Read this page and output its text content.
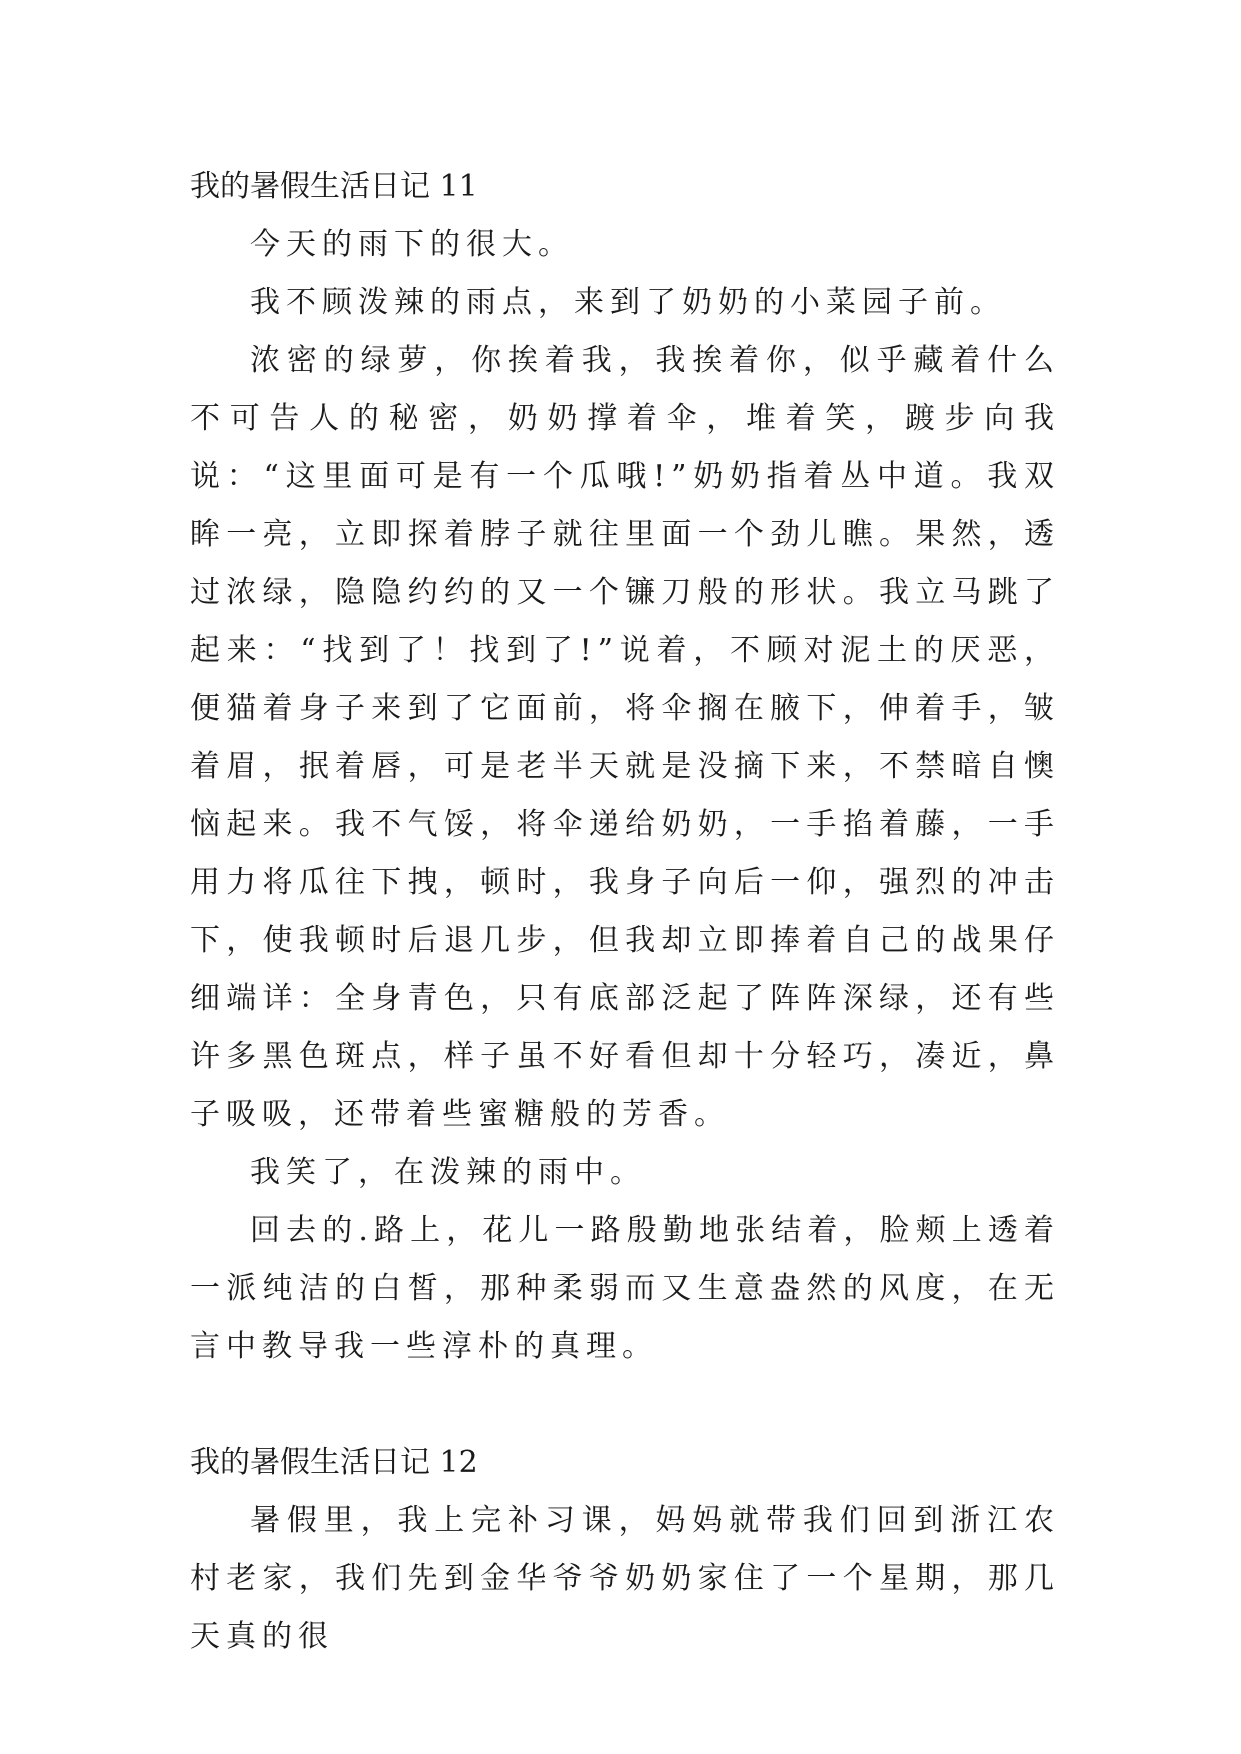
我的暑假生活日记 11

今天的雨下的很大。

我不顾泼辣的雨点，来到了奶奶的小菜园子前。

浓密的绿萝，你挨着我，我挨着你，似乎藏着什么不可告人的秘密，奶奶撑着伞，堆着笑，踱步向我说：“这里面可是有一个瓜哦!”奶奶指着丛中道。我双眸一亮，立即探着脖子就往里面一个劲儿瞧。果然，透过浓绿，隐隐约约的又一个镰刀般的形状。我立马跳了起来：“找到了！找到了!”说着，不顾对泥土的厌恶，便猫着身子来到了它面前，将伞搁在腋下，伸着手，皱着眉，抿着唇，可是老半天就是没摘下来，不禁暗自懊恼起来。我不气馁，将伞递给奶奶，一手掐着藤，一手用力将瓜往下拽，顿时，我身子向后一仰，强烈的冲击下，使我顿时后退几步，但我却立即捧着自己的战果仔细端详：全身青色，只有底部泛起了阵阵深绿，还有些许多黑色斑点，样子虽不好看但却十分轻巧，凑近，鼻子吸吸，还带着些蜜糖般的芳香。

我笑了，在泼辣的雨中。

回去的.路上，花儿一路殷勤地张结着，脸颊上透着一派纯洁的白皙，那种柔弱而又生意盎然的风度，在无言中教导我一些淳朴的真理。

我的暑假生活日记 12

暑假里，我上完补习课，妈妈就带我们回到浙江农村老家，我们先到金华爷爷奶奶家住了一个星期，那几天真的很
